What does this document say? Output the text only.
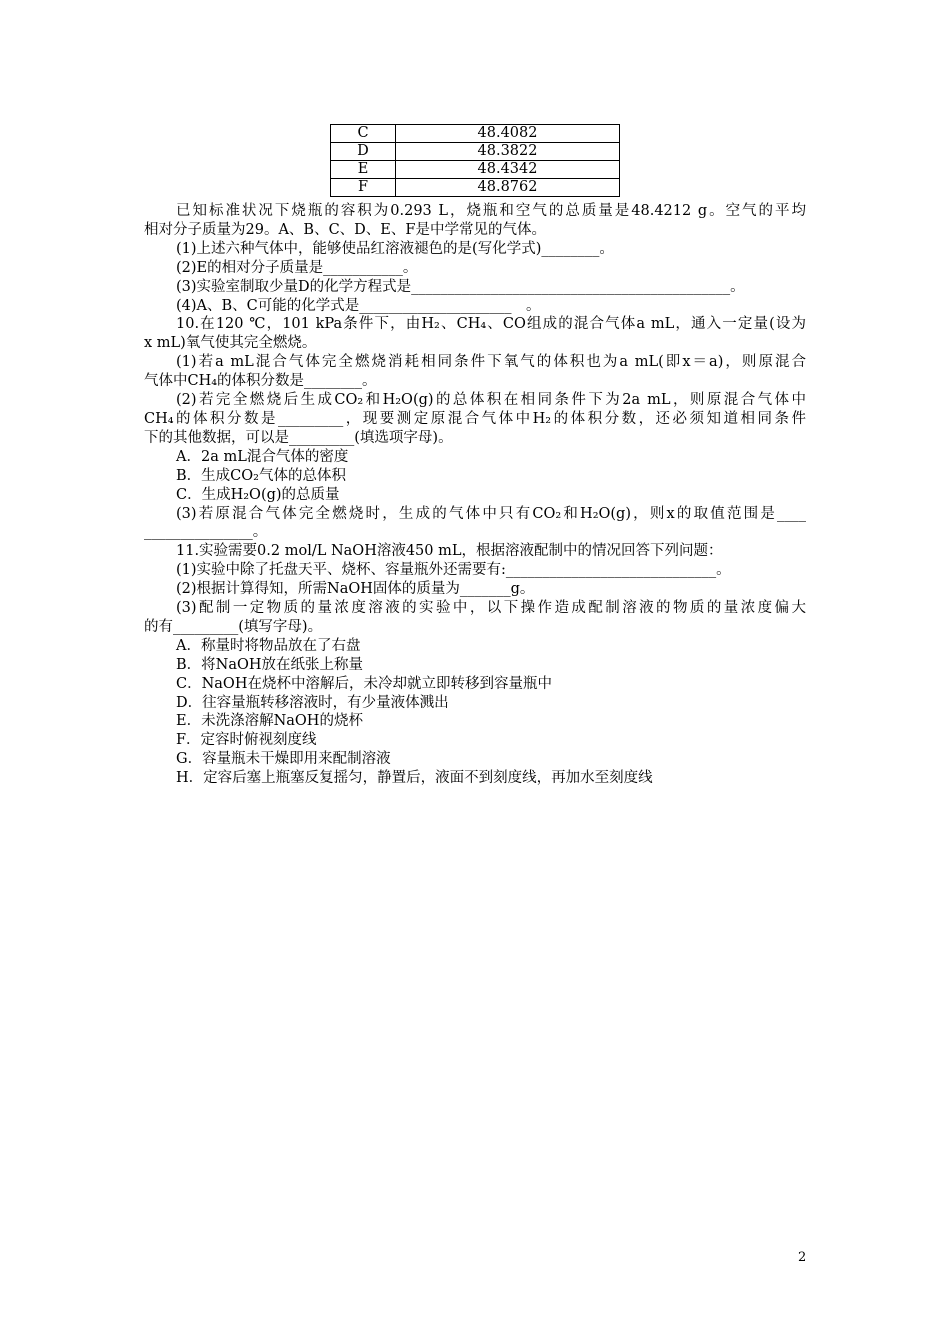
C	48.4082
D	48.3822
E	48.4342
F	48.8762
已知标准状况下烧瓶的容积为0.293 L，烧瓶和空气的总质量是48.4212 g。空气的平均
相对分子质量为29。A、B、C、D、E、F是中学常见的气体。
(1)上述六种气体中，能够使品红溶液褪色的是(写化学式)________。
(2)E的相对分子质量是___________。
(3)实验室制取少量D的化学方程式是____________________________________________。
(4)A、B、C可能的化学式是_____________________　。
10.在120 ℃，101 kPa条件下，由H₂、CH₄、CO组成的混合气体a mL，通入一定量(设为
x mL)氧气使其完全燃烧。
(1)若a mL混合气体完全燃烧消耗相同条件下氧气的体积也为a mL(即x＝a)，则原混合
气体中CH₄的体积分数是________。
(2)若完全燃烧后生成CO₂和H₂O(g)的总体积在相同条件下为2a mL，则原混合气体中
CH₄的体积分数是_________，现要测定原混合气体中H₂的体积分数，还必须知道相同条件
下的其他数据，可以是_________(填选项字母)。
A．2a mL混合气体的密度
B．生成CO₂气体的总体积
C．生成H₂O(g)的总质量
(3)若原混合气体完全燃烧时，生成的气体中只有CO₂和H₂O(g)，则x的取值范围是____
_______________。
11.实验需要0.2 mol/L NaOH溶液450 mL，根据溶液配制中的情况回答下列问题：
(1)实验中除了托盘天平、烧杯、容量瓶外还需要有:_____________________________。
(2)根据计算得知，所需NaOH固体的质量为_______g。
(3)配制一定物质的量浓度溶液的实验中，以下操作造成配制溶液的物质的量浓度偏大
的有_________(填写字母)。
A．称量时将物品放在了右盘
B．将NaOH放在纸张上称量
C．NaOH在烧杯中溶解后，未冷却就立即转移到容量瓶中
D．往容量瓶转移溶液时，有少量液体溅出
E．未洗涤溶解NaOH的烧杯
F．定容时俯视刻度线
G．容量瓶未干燥即用来配制溶液
H．定容后塞上瓶塞反复摇匀，静置后，液面不到刻度线，再加水至刻度线
2
